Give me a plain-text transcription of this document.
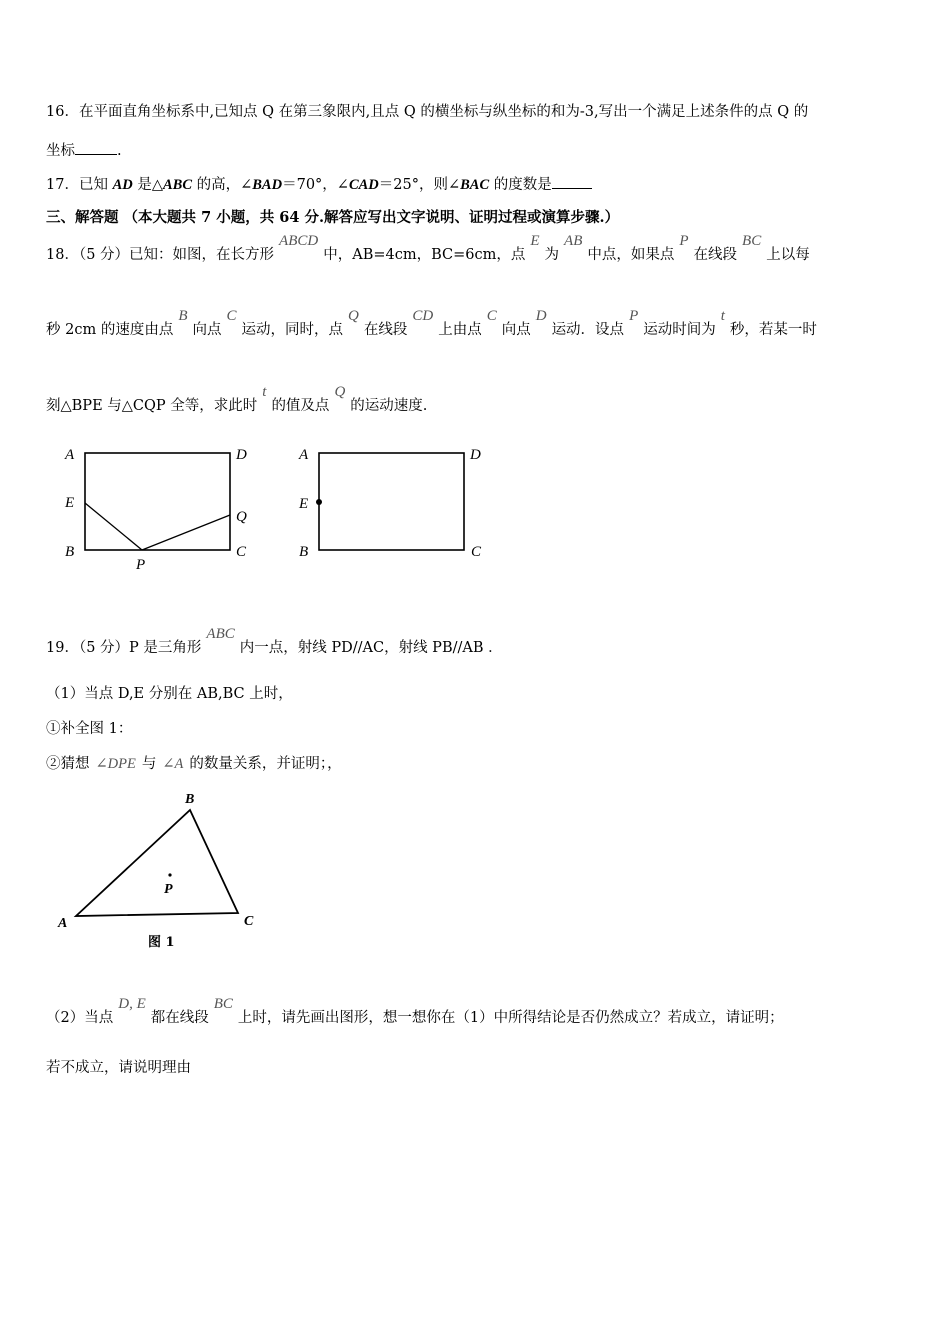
16．在平面直角坐标系中,已知点 Q 在第三象限内,且点 Q 的横坐标与纵坐标的和为-3,写出一个满足上述条件的点 Q 的
坐标	.
17．已知 AD 是△ABC 的高，∠BAD＝70°，∠CAD＝25°，则∠BAC 的度数是
三、解答题 （本大题共 7 小题，共 64 分.解答应写出文字说明、证明过程或演算步骤.）
18．（5 分）已知：如图，在长方形ABCD中，AB=4cm，BC=6cm，点E为AB中点，如果点P在线段BC上以每
秒 2cm 的速度由点B向点C运动，同时，点Q在线段CD上由点C向点D运动．设点P运动时间为t秒，若某一时
刻△BPE 与△CQP 全等，求此时t的值及点Q的运动速度.
A	D
E
Q
B
P
C
A	D
E
B	C
19．（5 分）P 是三角形ABC内一点，射线 PD//AC，射线 PB//AB ．
（1）当点 D,E 分别在 AB,BC 上时，
①补全图 1：
②猜想 ∠DPE 与 ∠A 的数量关系，并证明；，
B
A	C
P
图 1
（2）当点D, E都在线段BC上时，请先画出图形，想一想你在（1）中所得结论是否仍然成立？若成立，请证明；
若不成立，请说明理由
